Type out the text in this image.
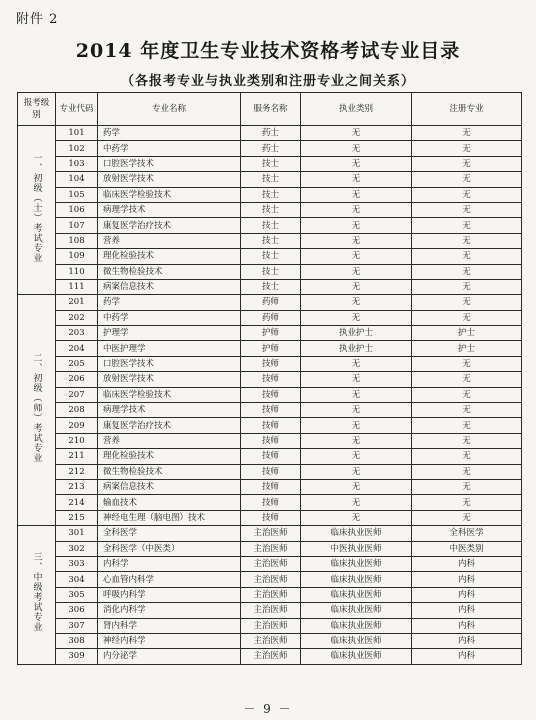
附件 2
2014 年度卫生专业技术资格考试专业目录
（各报考专业与执业类别和注册专业之间关系）
报考级别	专业代码	专业名称	服务名称	执业类别	注册专业
一、初级（士）考试专业	101	药学	药士	无	无
	102	中药学	药士	无	无
	103	口腔医学技术	技士	无	无
	104	放射医学技术	技士	无	无
	105	临床医学检验技术	技士	无	无
	106	病理学技术	技士	无	无
	107	康复医学治疗技术	技士	无	无
	108	营养	技士	无	无
	109	理化检验技术	技士	无	无
	110	微生物检验技术	技士	无	无
	111	病案信息技术	技士	无	无
二、初级（师）考试专业	201	药学	药师	无	无
	202	中药学	药师	无	无
	203	护理学	护师	执业护士	护士
	204	中医护理学	护师	执业护士	护士
	205	口腔医学技术	技师	无	无
	206	放射医学技术	技师	无	无
	207	临床医学检验技术	技师	无	无
	208	病理学技术	技师	无	无
	209	康复医学治疗技术	技师	无	无
	210	营养	技师	无	无
	211	理化检验技术	技师	无	无
	212	微生物检验技术	技师	无	无
	213	病案信息技术	技师	无	无
	214	输血技术	技师	无	无
	215	神经电生理（脑电图）技术	技师	无	无
三、中级考试专业	301	全科医学	主治医师	临床执业医师	全科医学
	302	全科医学（中医类）	主治医师	中医执业医师	中医类别
	303	内科学	主治医师	临床执业医师	内科
	304	心血管内科学	主治医师	临床执业医师	内科
	305	呼吸内科学	主治医师	临床执业医师	内科
	306	消化内科学	主治医师	临床执业医师	内科
	307	肾内科学	主治医师	临床执业医师	内科
	308	神经内科学	主治医师	临床执业医师	内科
	309	内分泌学	主治医师	临床执业医师	内科
－ 9 －
